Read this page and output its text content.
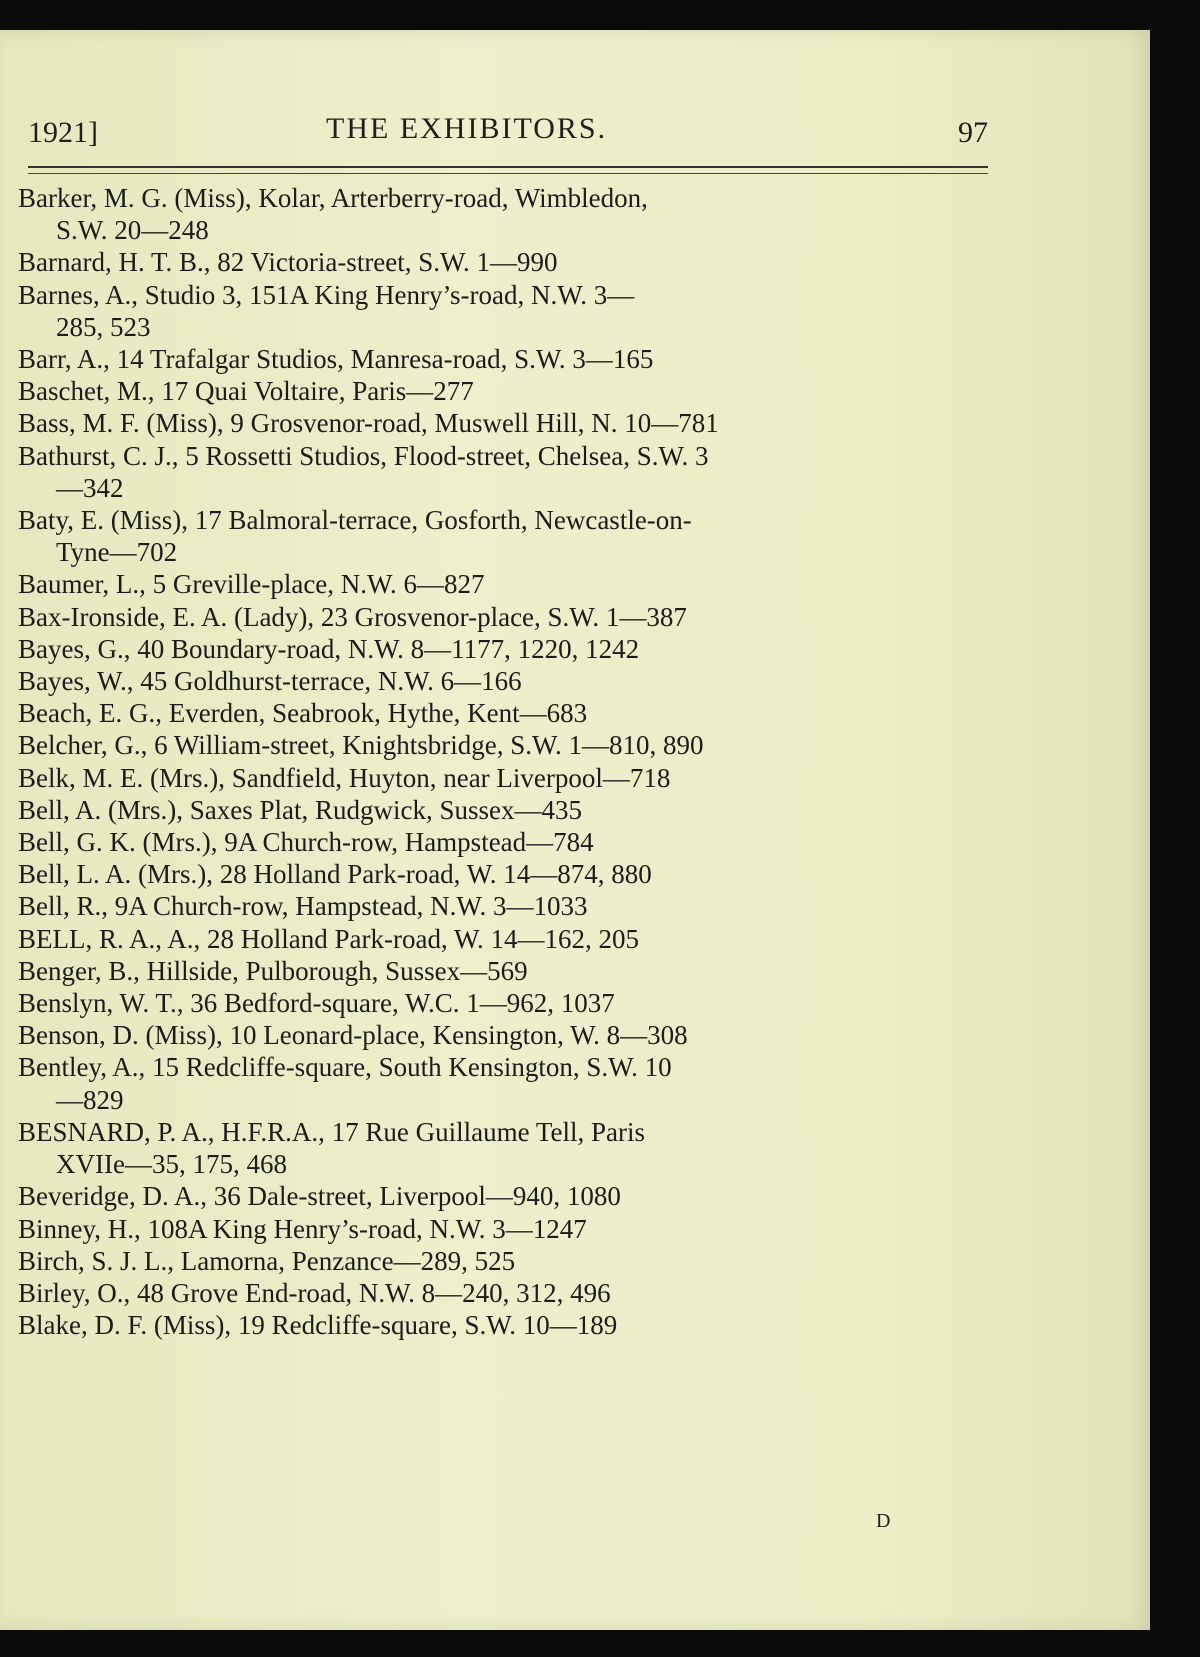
1921]	THE EXHIBITORS.	97
Barker, M. G. (Miss), Kolar, Arterberry-road, Wimbledon,
S.W. 20—248
Barnard, H. T. B., 82 Victoria-street, S.W. 1—990
Barnes, A., Studio 3, 151A King Henry’s-road, N.W. 3—
285, 523
Barr, A., 14 Trafalgar Studios, Manresa-road, S.W. 3—165
Baschet, M., 17 Quai Voltaire, Paris—277
Bass, M. F. (Miss), 9 Grosvenor-road, Muswell Hill, N. 10—781
Bathurst, C. J., 5 Rossetti Studios, Flood-street, Chelsea, S.W. 3
—342
Baty, E. (Miss), 17 Balmoral-terrace, Gosforth, Newcastle-on-
Tyne—702
Baumer, L., 5 Greville-place, N.W. 6—827
Bax-Ironside, E. A. (Lady), 23 Grosvenor-place, S.W. 1—387
Bayes, G., 40 Boundary-road, N.W. 8—1177, 1220, 1242
Bayes, W., 45 Goldhurst-terrace, N.W. 6—166
Beach, E. G., Everden, Seabrook, Hythe, Kent—683
Belcher, G., 6 William-street, Knightsbridge, S.W. 1—810, 890
Belk, M. E. (Mrs.), Sandfield, Huyton, near Liverpool—718
Bell, A. (Mrs.), Saxes Plat, Rudgwick, Sussex—435
Bell, G. K. (Mrs.), 9A Church-row, Hampstead—784
Bell, L. A. (Mrs.), 28 Holland Park-road, W. 14—874, 880
Bell, R., 9A Church-row, Hampstead, N.W. 3—1033
BELL, R. A., A., 28 Holland Park-road, W. 14—162, 205
Benger, B., Hillside, Pulborough, Sussex—569
Benslyn, W. T., 36 Bedford-square, W.C. 1—962, 1037
Benson, D. (Miss), 10 Leonard-place, Kensington, W. 8—308
Bentley, A., 15 Redcliffe-square, South Kensington, S.W. 10
—829
BESNARD, P. A., H.F.R.A., 17 Rue Guillaume Tell, Paris
XVIIe—35, 175, 468
Beveridge, D. A., 36 Dale-street, Liverpool—940, 1080
Binney, H., 108A King Henry’s-road, N.W. 3—1247
Birch, S. J. L., Lamorna, Penzance—289, 525
Birley, O., 48 Grove End-road, N.W. 8—240, 312, 496
Blake, D. F. (Miss), 19 Redcliffe-square, S.W. 10—189
D
